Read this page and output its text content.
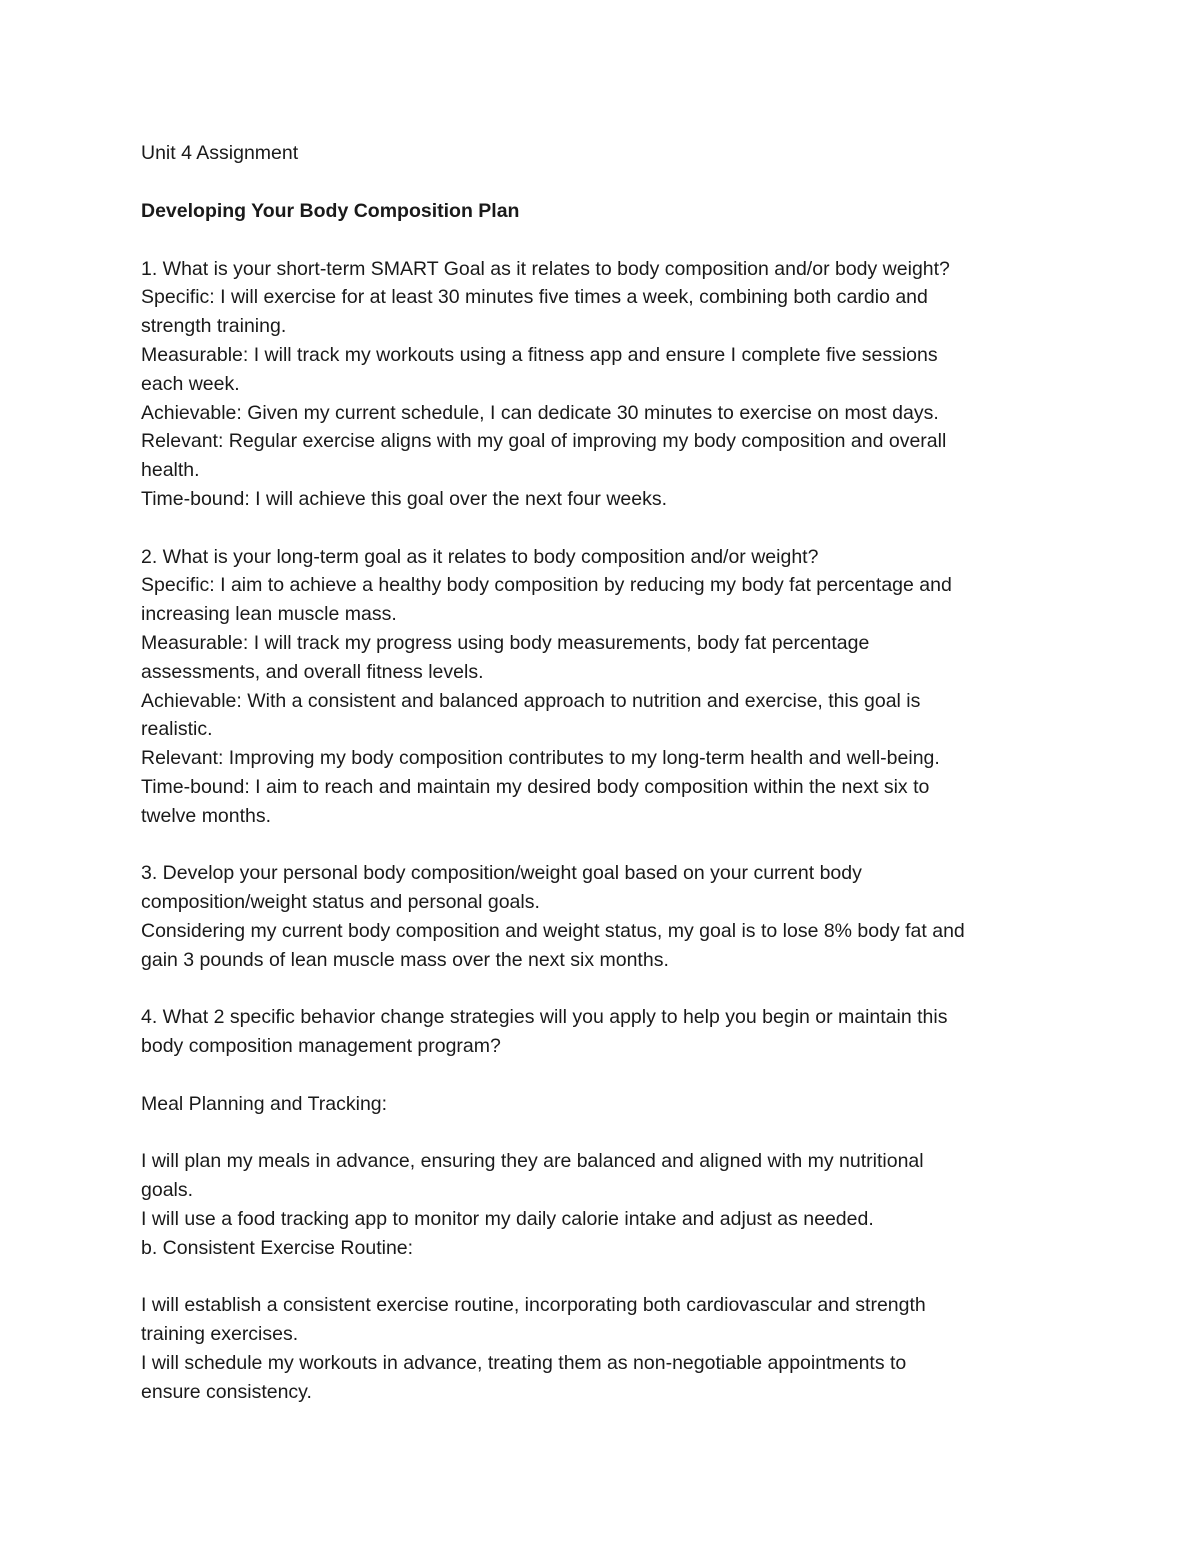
Unit 4 Assignment
Developing Your Body Composition Plan
1. What is your short-term SMART Goal as it relates to body composition and/or body weight?
Specific: I will exercise for at least 30 minutes five times a week, combining both cardio and
strength training.
Measurable: I will track my workouts using a fitness app and ensure I complete five sessions
each week.
Achievable: Given my current schedule, I can dedicate 30 minutes to exercise on most days.
Relevant: Regular exercise aligns with my goal of improving my body composition and overall
health.
Time-bound: I will achieve this goal over the next four weeks.
2. What is your long-term goal as it relates to body composition and/or weight?
Specific: I aim to achieve a healthy body composition by reducing my body fat percentage and
increasing lean muscle mass.
Measurable: I will track my progress using body measurements, body fat percentage
assessments, and overall fitness levels.
Achievable: With a consistent and balanced approach to nutrition and exercise, this goal is
realistic.
Relevant: Improving my body composition contributes to my long-term health and well-being.
Time-bound: I aim to reach and maintain my desired body composition within the next six to
twelve months.
3. Develop your personal body composition/weight goal based on your current body
composition/weight status and personal goals.
Considering my current body composition and weight status, my goal is to lose 8% body fat and
gain 3 pounds of lean muscle mass over the next six months.
4. What 2 specific behavior change strategies will you apply to help you begin or maintain this
body composition management program?
Meal Planning and Tracking:
I will plan my meals in advance, ensuring they are balanced and aligned with my nutritional
goals.
I will use a food tracking app to monitor my daily calorie intake and adjust as needed.
b. Consistent Exercise Routine:
I will establish a consistent exercise routine, incorporating both cardiovascular and strength
training exercises.
I will schedule my workouts in advance, treating them as non-negotiable appointments to
ensure consistency.
